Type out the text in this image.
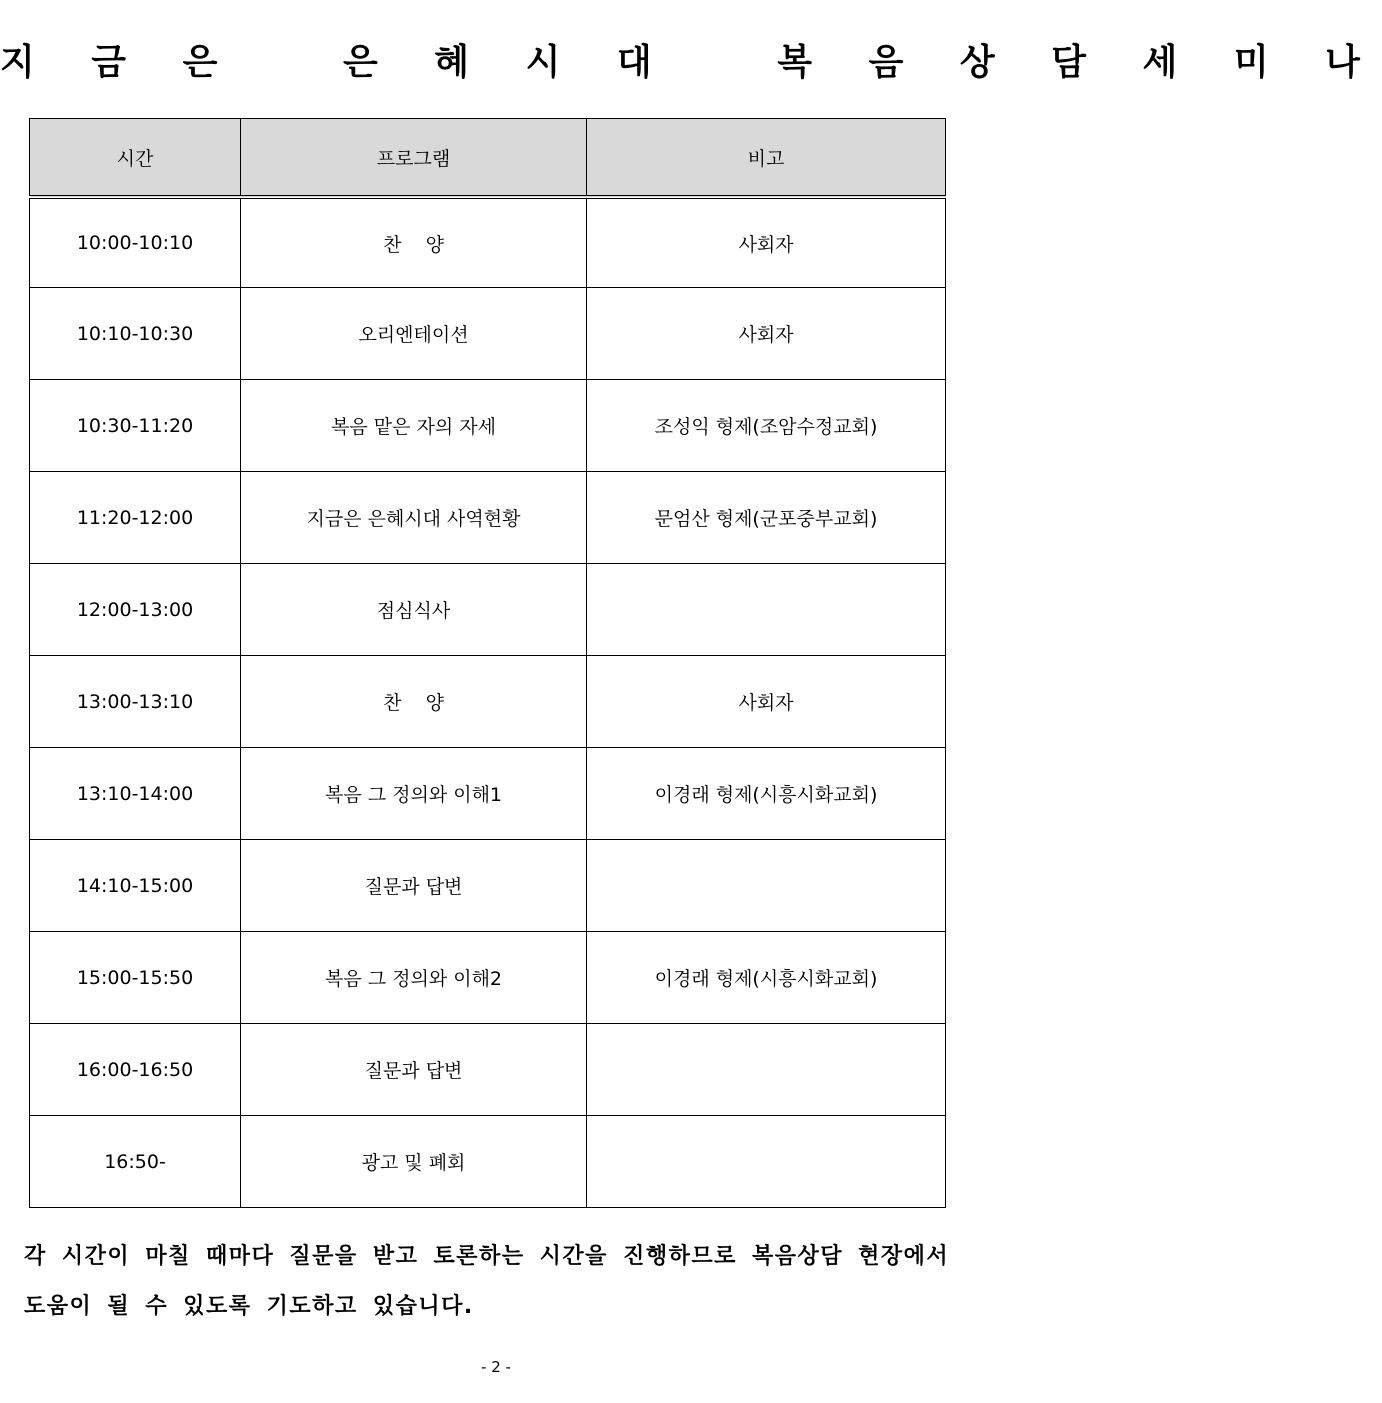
지 금 은   은 혜 시 대   복 음 상 담 세 미 나
시간	프로그램	비고
10:00-10:10	찬    양	사회자
10:10-10:30	오리엔테이션	사회자
10:30-11:20	복음 맡은 자의 자세	조성익 형제(조암수정교회)
11:20-12:00	지금은 은혜시대 사역현황	문엄산 형제(군포중부교회)
12:00-13:00	점심식사	
13:00-13:10	찬    양	사회자
13:10-14:00	복음 그 정의와 이해1	이경래 형제(시흥시화교회)
14:10-15:00	질문과 답변	
15:00-15:50	복음 그 정의와 이해2	이경래 형제(시흥시화교회)
16:00-16:50	질문과 답변	
16:50-	광고 및 폐회	
각 시간이 마칠 때마다 질문을 받고 토론하는 시간을 진행하므로 복음상담 현장에서 도움이 될 수 있도록 기도하고 있습니다.
- 2 -
